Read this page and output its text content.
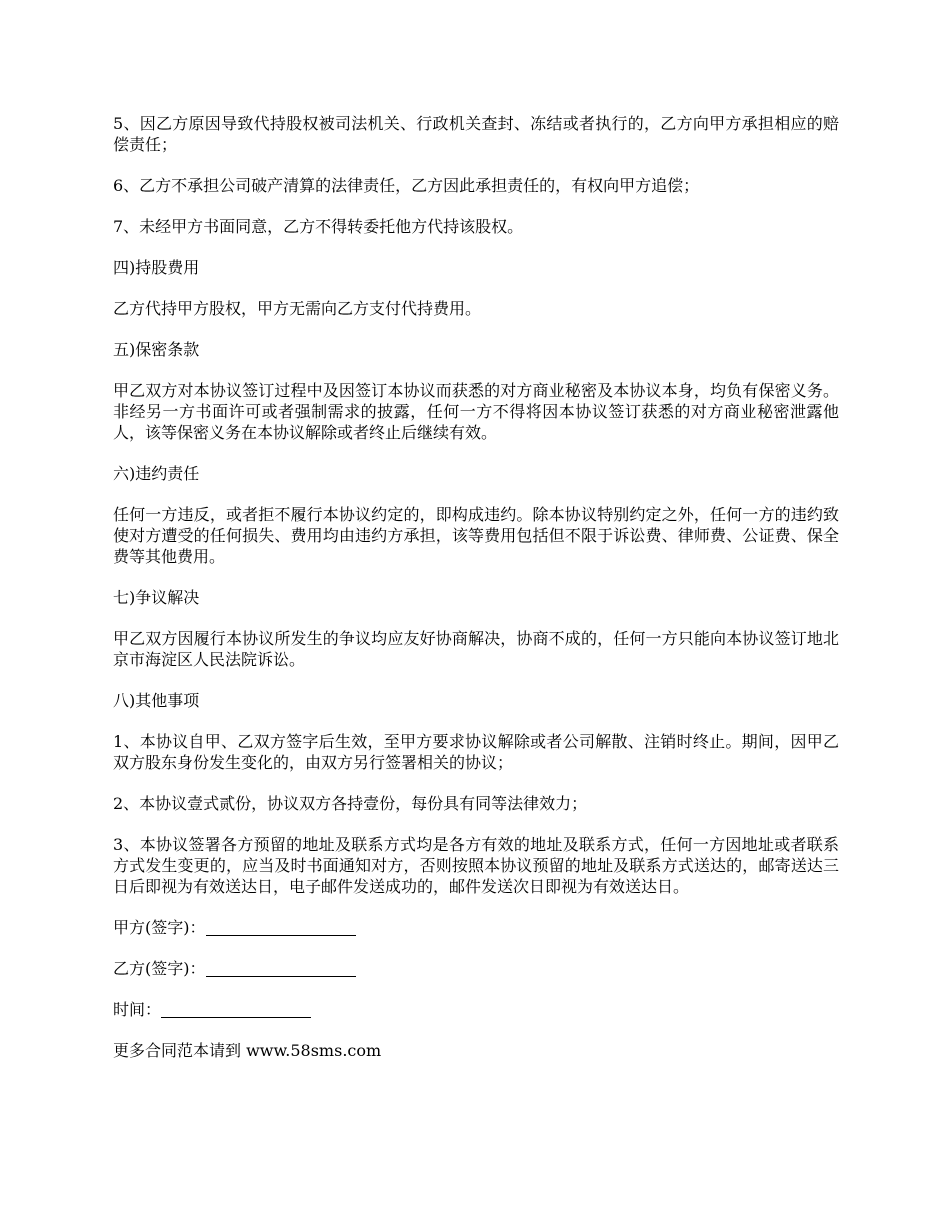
5、因乙方原因导致代持股权被司法机关、行政机关查封、冻结或者执行的，乙方向甲方承担相应的赔偿责任；

6、乙方不承担公司破产清算的法律责任，乙方因此承担责任的，有权向甲方追偿；

7、未经甲方书面同意，乙方不得转委托他方代持该股权。

四)持股费用

乙方代持甲方股权，甲方无需向乙方支付代持费用。

五)保密条款

甲乙双方对本协议签订过程中及因签订本协议而获悉的对方商业秘密及本协议本身，均负有保密义务。非经另一方书面许可或者强制需求的披露，任何一方不得将因本协议签订获悉的对方商业秘密泄露他人，该等保密义务在本协议解除或者终止后继续有效。

六)违约责任

任何一方违反，或者拒不履行本协议约定的，即构成违约。除本协议特别约定之外，任何一方的违约致使对方遭受的任何损失、费用均由违约方承担，该等费用包括但不限于诉讼费、律师费、公证费、保全费等其他费用。

七)争议解决

甲乙双方因履行本协议所发生的争议均应友好协商解决，协商不成的，任何一方只能向本协议签订地北京市海淀区人民法院诉讼。

八)其他事项

1、本协议自甲、乙双方签字后生效，至甲方要求协议解除或者公司解散、注销时终止。期间，因甲乙双方股东身份发生变化的，由双方另行签署相关的协议；

2、本协议壹式贰份，协议双方各持壹份，每份具有同等法律效力；

3、本协议签署各方预留的地址及联系方式均是各方有效的地址及联系方式，任何一方因地址或者联系方式发生变更的，应当及时书面通知对方，否则按照本协议预留的地址及联系方式送达的，邮寄送达三日后即视为有效送达日，电子邮件发送成功的，邮件发送次日即视为有效送达日。

甲方(签字)：

乙方(签字)：

时间：

更多合同范本请到 www.58sms.com
